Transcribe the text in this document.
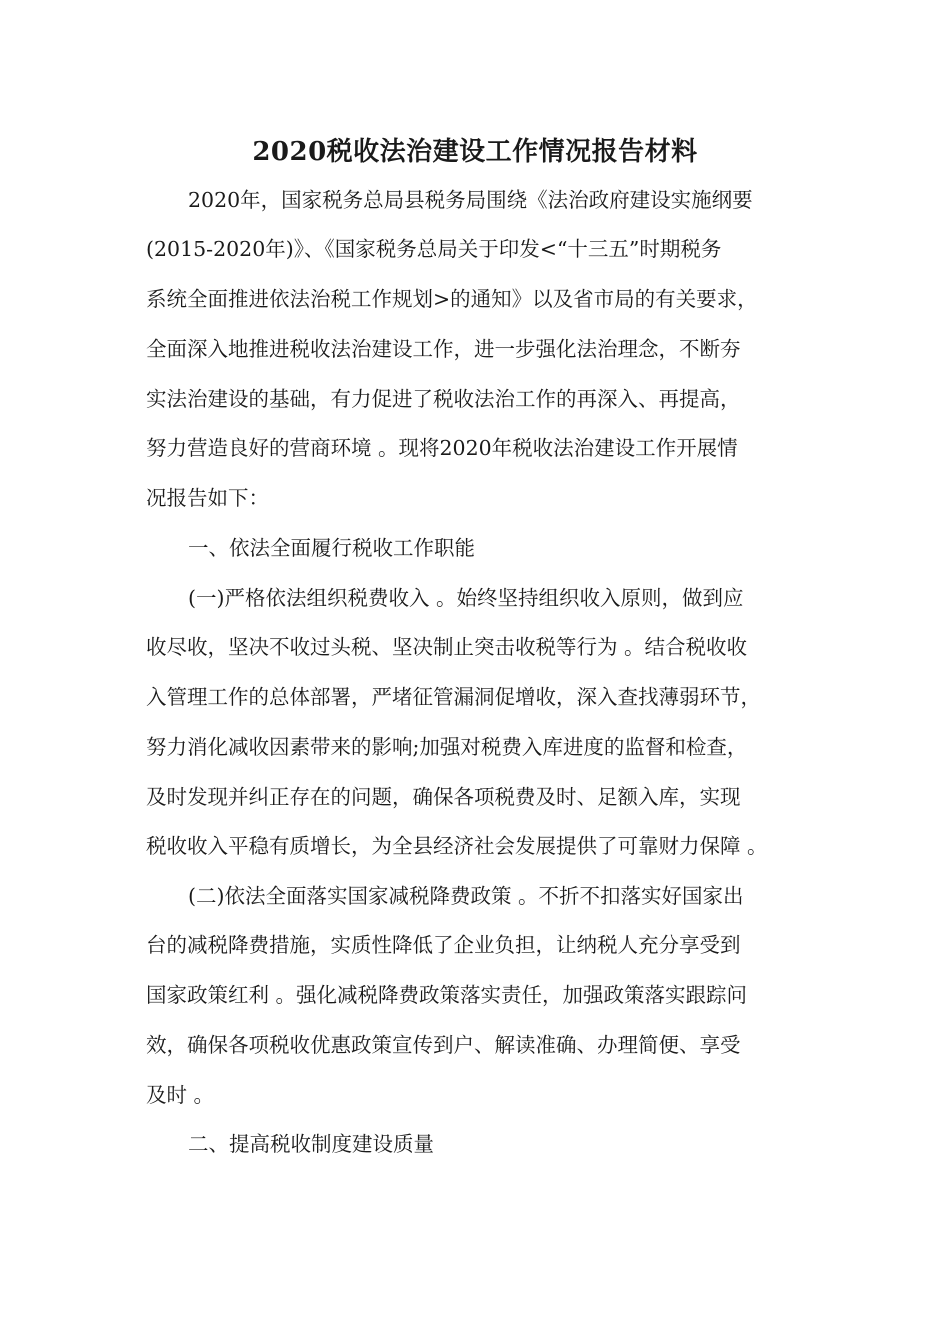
2020税收法治建设工作情况报告材料
2020年，国家税务总局县税务局围绕《法治政府建设实施纲要
(2015-2020年)》、《国家税务总局关于印发<“十三五”时期税务
系统全面推进依法治税工作规划>的通知》以及省市局的有关要求，
全面深入地推进税收法治建设工作，进一步强化法治理念，不断夯
实法治建设的基础，有力促进了税收法治工作的再深入、再提高，
努力营造良好的营商环境 。现将2020年税收法治建设工作开展情
况报告如下：
一、依法全面履行税收工作职能
(一)严格依法组织税费收入 。始终坚持组织收入原则，做到应
收尽收，坚决不收过头税、坚决制止突击收税等行为 。结合税收收
入管理工作的总体部署，严堵征管漏洞促增收，深入查找薄弱环节，
努力消化减收因素带来的影响;加强对税费入库进度的监督和检查，
及时发现并纠正存在的问题，确保各项税费及时、足额入库，实现
税收收入平稳有质增长，为全县经济社会发展提供了可靠财力保障 。
(二)依法全面落实国家减税降费政策 。不折不扣落实好国家出
台的减税降费措施，实质性降低了企业负担，让纳税人充分享受到
国家政策红利 。强化减税降费政策落实责任，加强政策落实跟踪问
效，确保各项税收优惠政策宣传到户、解读准确、办理简便、享受
及时 。
二、提高税收制度建设质量
